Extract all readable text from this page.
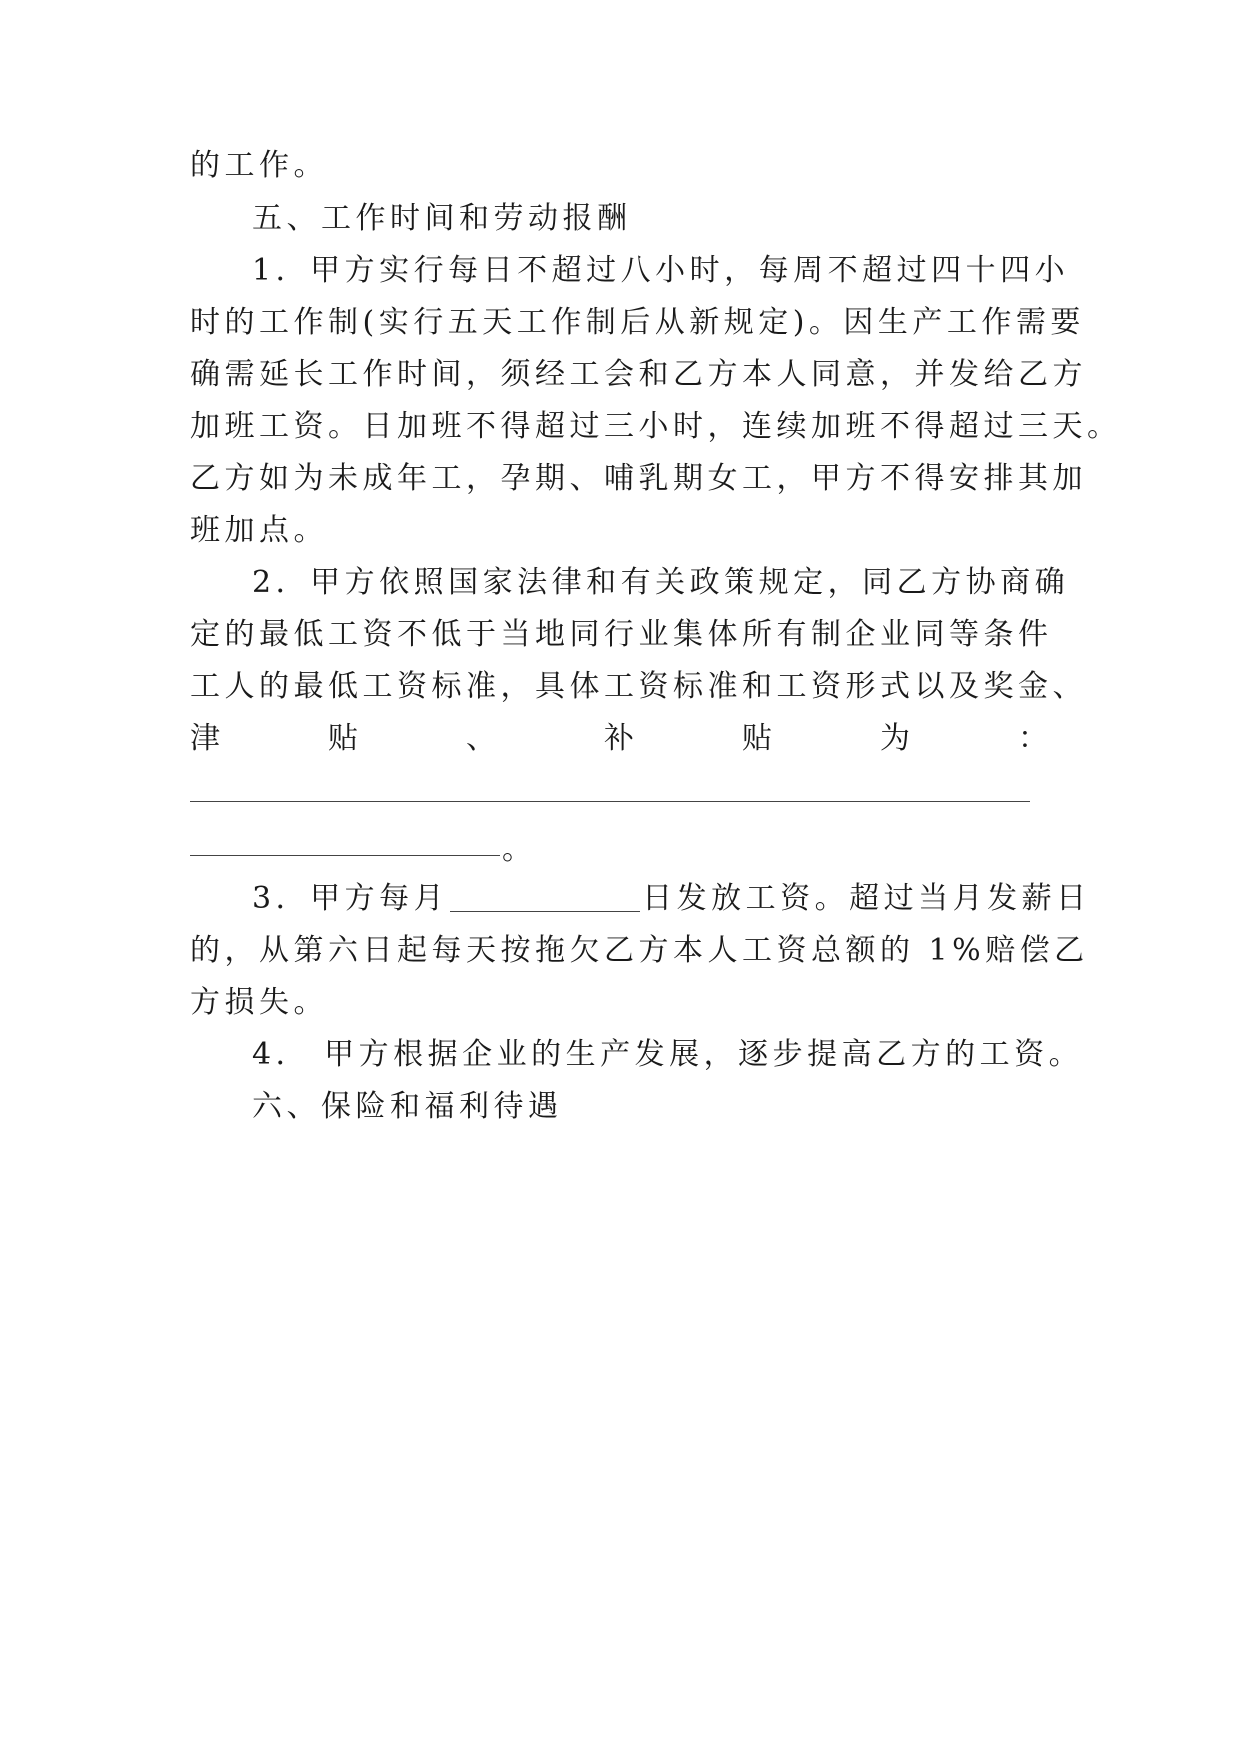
的工作。
五、工作时间和劳动报酬
1．甲方实行每日不超过八小时，每周不超过四十四小
时的工作制(实行五天工作制后从新规定)。因生产工作需要
确需延长工作时间，须经工会和乙方本人同意，并发给乙方
加班工资。日加班不得超过三小时，连续加班不得超过三天。
乙方如为未成年工，孕期、哺乳期女工，甲方不得安排其加
班加点。
2．甲方依照国家法律和有关政策规定，同乙方协商确
定的最低工资不低于当地同行业集体所有制企业同等条件
工人的最低工资标准，具体工资标准和工资形式以及奖金、
津	贴	、	补	贴	为	：
。
3．甲方每月	日发放工资。超过当月发薪日
的，从第六日起每天按拖欠乙方本人工资总额的 1%赔偿乙
方损失。
4． 甲方根据企业的生产发展，逐步提高乙方的工资。
六、保险和福利待遇
